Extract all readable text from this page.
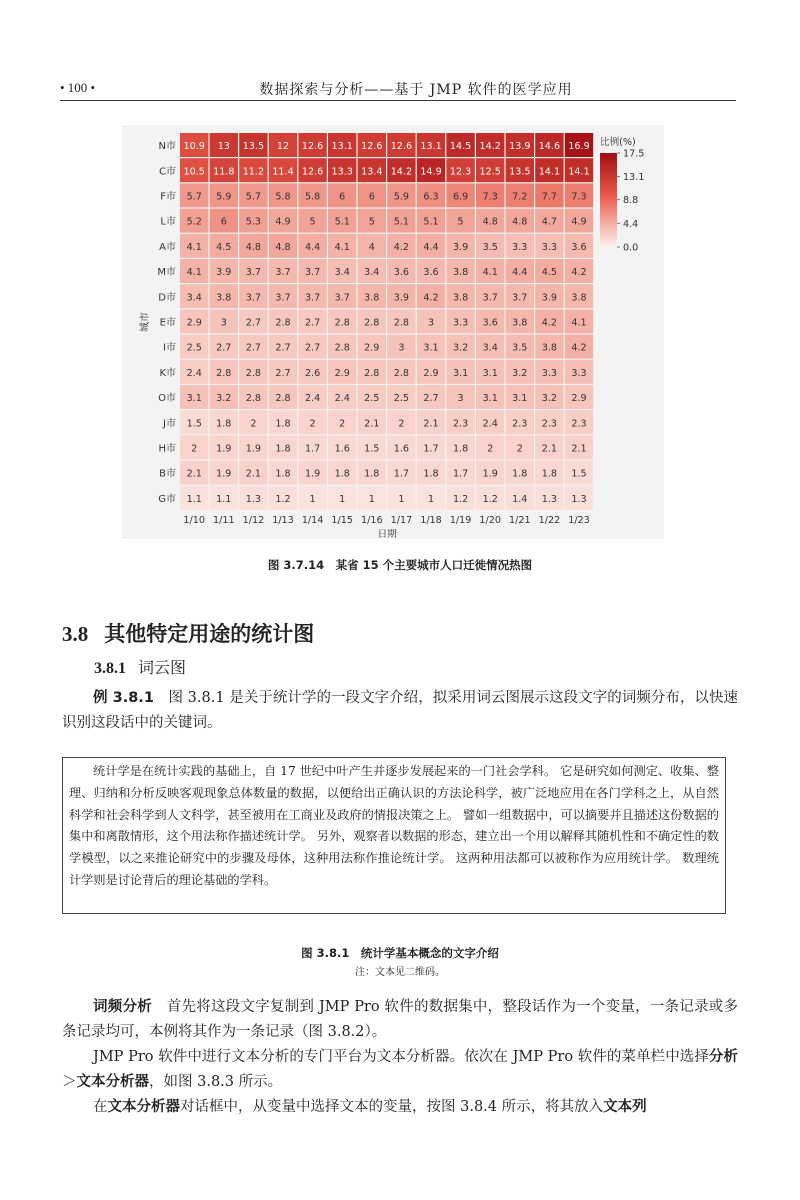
• 100 •	数据探索与分析——基于 JMP 软件的医学应用
10.9 13 13.5 12 12.6 13.1 12.6 12.6 13.1 14.5 14.2 13.9 14.6 16.9
10.5 11.8 11.2 11.4 12.6 13.3 13.4 14.2 14.9 12.3 12.5 13.5 14.1 14.1
5.7 5.9 5.7 5.8 5.8 6 6 5.9 6.3 6.9 7.3 7.2 7.7 7.3
5.2 6 5.3 4.9 5 5.1 5 5.1 5.1 5 4.8 4.8 4.7 4.9
4.1 4.5 4.8 4.8 4.4 4.1 4 4.2 4.4 3.9 3.5 3.3 3.3 3.6
4.1 3.9 3.7 3.7 3.7 3.4 3.4 3.6 3.6 3.8 4.1 4.4 4.5 4.2
3.4 3.8 3.7 3.7 3.7 3.7 3.8 3.9 4.2 3.8 3.7 3.7 3.9 3.8
2.9 3 2.7 2.8 2.7 2.8 2.8 2.8 3 3.3 3.6 3.8 4.2 4.1
2.5 2.7 2.7 2.7 2.7 2.8 2.9 3 3.1 3.2 3.4 3.5 3.8 4.2
2.4 2.8 2.8 2.7 2.6 2.9 2.8 2.8 2.9 3.1 3.1 3.2 3.3 3.3
3.1 3.2 2.8 2.8 2.4 2.4 2.5 2.5 2.7 3 3.1 3.1 3.2 2.9
1.5 1.8 2 1.8 2 2 2.1 2 2.1 2.3 2.4 2.3 2.3 2.3
2 1.9 1.9 1.8 1.7 1.6 1.5 1.6 1.7 1.8 2 2 2.1 2.1
2.1 1.9 2.1 1.8 1.9 1.8 1.8 1.7 1.8 1.7 1.9 1.8 1.8 1.5
1.1 1.1 1.3 1.2 1 1 1 1 1 1.2 1.2 1.4 1.3 1.3
N市
C市
F市
L市
A市
M市
D市
E市
I市
K市
O市
J市
H市
B市
G市
1/10 1/11 1/12 1/13 1/14 1/15 1/16 1/17 1/18 1/19 1/20 1/21 1/22 1/23
日期
城市
比例(%)
17.5
13.1
8.8
4.4
0.0
图 3.7.14　某省 15 个主要城市人口迁徙情况热图
3.8 其他特定用途的统计图
3.8.1 词云图
例 3.8.1　 图 3.8.1 是关于统计学的一段文字介绍，拟采用词云图展示这段文字的词频分布，以快速识别这段话中的关键词。
统计学是在统计实践的基础上，自 17 世纪中叶产生并逐步发展起来的一门社会学科。 它是研究如何测定、收集、整理、归纳和分析反映客观现象总体数量的数据，以便给出正确认识的方法论科学，被广泛地应用在各门学科之上，从自然科学和社会科学到人文科学，甚至被用在工商业及政府的情报决策之上。 譬如一组数据中，可以摘要并且描述这份数据的集中和离散情形，这个用法称作描述统计学。 另外，观察者以数据的形态，建立出一个用以解释其随机性和不确定性的数学模型，以之来推论研究中的步骤及母体，这种用法称作推论统计学。 这两种用法都可以被称作为应用统计学。 数理统计学则是讨论背后的理论基础的学科。
图 3.8.1　统计学基本概念的文字介绍
注：文本见二维码。
词频分析　 首先将这段文字复制到 JMP Pro 软件的数据集中，整段话作为一个变量，一条记录或多条记录均可，本例将其作为一条记录（图 3.8.2）。
JMP Pro 软件中进行文本分析的专门平台为文本分析器。依次在 JMP Pro 软件的菜单栏中选择分析＞文本分析器，如图 3.8.3 所示。
在文本分析器对话框中，从变量中选择文本的变量，按图 3.8.4 所示，将其放入文本列
